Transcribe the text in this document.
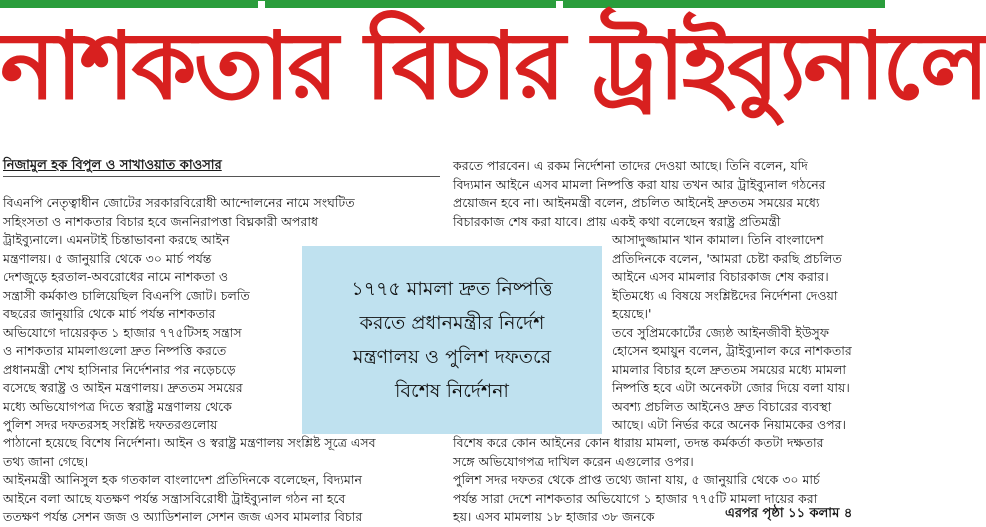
নাশকতার বিচার ট্রাইব্যুনালে
নিজামুল হক বিপুল ও সাখাওয়াত কাওসার

বিএনপি নেতৃত্বাধীন জোটের সরকারবিরোধী আন্দোলনের নামে সংঘটিত

সহিংসতা ও নাশকতার বিচার হবে জননিরাপত্তা বিঘ্নকারী অপরাধ

ট্রাইব্যুনালে। এমনটাই চিন্তাভাবনা করছে আইন

মন্ত্রণালয়। ৫ জানুয়ারি থেকে ৩০ মার্চ পর্যন্ত

দেশজুড়ে হরতাল-অবরোধের নামে নাশকতা ও

সন্ত্রাসী কর্মকাণ্ড চালিয়েছিল বিএনপি জোট। চলতি

বছরের জানুয়ারি থেকে মার্চ পর্যন্ত নাশকতার

অভিযোগে দায়েরকৃত ১ হাজার ৭৭৫টিসহ সন্ত্রাস

ও নাশকতার মামলাগুলো দ্রুত নিষ্পত্তি করতে

প্রধানমন্ত্রী শেখ হাসিনার নির্দেশনার পর নড়েচড়ে

বসেছে স্বরাষ্ট্র ও আইন মন্ত্রণালয়। দ্রুততম সময়ের

মধ্যে অভিযোগপত্র দিতে স্বরাষ্ট্র মন্ত্রণালয় থেকে

পুলিশ সদর দফতরসহ সংশ্লিষ্ট দফতরগুলোয়

পাঠানো হয়েছে বিশেষ নির্দেশনা। আইন ও স্বরাষ্ট্র মন্ত্রণালয় সংশ্লিষ্ট সূত্রে এসব

তথ্য জানা গেছে।

আইনমন্ত্রী আনিসুল হক গতকাল বাংলাদেশ প্রতিদিনকে বলেছেন, বিদ্যমান

আইনে বলা আছে যতক্ষণ পর্যন্ত সন্ত্রাসবিরোধী ট্রাইব্যুনাল গঠন না হবে

ততক্ষণ পর্যন্ত সেশন জজ ও অ্যাডিশনাল সেশন জজ এসব মামলার বিচার

করতে পারবেন। এ রকম নির্দেশনা তাদের দেওয়া আছে। তিনি বলেন, যদি

বিদ্যমান আইনে এসব মামলা নিষ্পত্তি করা যায় তখন আর ট্রাইব্যুনাল গঠনের

প্রয়োজন হবে না। আইনমন্ত্রী বলেন, প্রচলিত আইনেই দ্রুততম সময়ের মধ্যে

বিচারকাজ শেষ করা যাবে। প্রায় একই কথা বলেছেন স্বরাষ্ট্র প্রতিমন্ত্রী

আসাদুজ্জামান খান কামাল। তিনি বাংলাদেশ

প্রতিদিনকে বলেন, 'আমরা চেষ্টা করছি প্রচলিত

আইনে এসব মামলার বিচারকাজ শেষ করার।

ইতিমধ্যে এ বিষয়ে সংশ্লিষ্টদের নির্দেশনা দেওয়া

হয়েছে।'

তবে সুপ্রিমকোর্টের জ্যেষ্ঠ আইনজীবী ইউসুফ

হোসেন হুমায়ুন বলেন, ট্রাইব্যুনাল করে নাশকতার

মামলার বিচার হলে দ্রুততম সময়ের মধ্যে মামলা

নিষ্পত্তি হবে এটা অনেকটা জোর দিয়ে বলা যায়।

অবশ্য প্রচলিত আইনেও দ্রুত বিচারের ব্যবস্থা

আছে। এটা নির্ভর করে অনেক নিয়ামকের ওপর।

বিশেষ করে কোন আইনের কোন ধারায় মামলা, তদন্ত কর্মকর্তা কতটা দক্ষতার

সঙ্গে অভিযোগপত্র দাখিল করেন এগুলোর ওপর।

পুলিশ সদর দফতর থেকে প্রাপ্ত তথ্যে জানা যায়, ৫ জানুয়ারি থেকে ৩০ মার্চ

পর্যন্ত সারা দেশে নাশকতার অভিযোগে ১ হাজার ৭৭৫টি মামলা দায়ের করা

হয়। এসব মামলায় ১৮ হাজার ৩৮ জনকে

১৭৭৫ মামলা দ্রুত নিষ্পত্তি
করতে প্রধানমন্ত্রীর নির্দেশ
মন্ত্রণালয় ও পুলিশ দফতরে
বিশেষ নির্দেশনা
এরপর পৃষ্ঠা ১১ কলাম ৪
